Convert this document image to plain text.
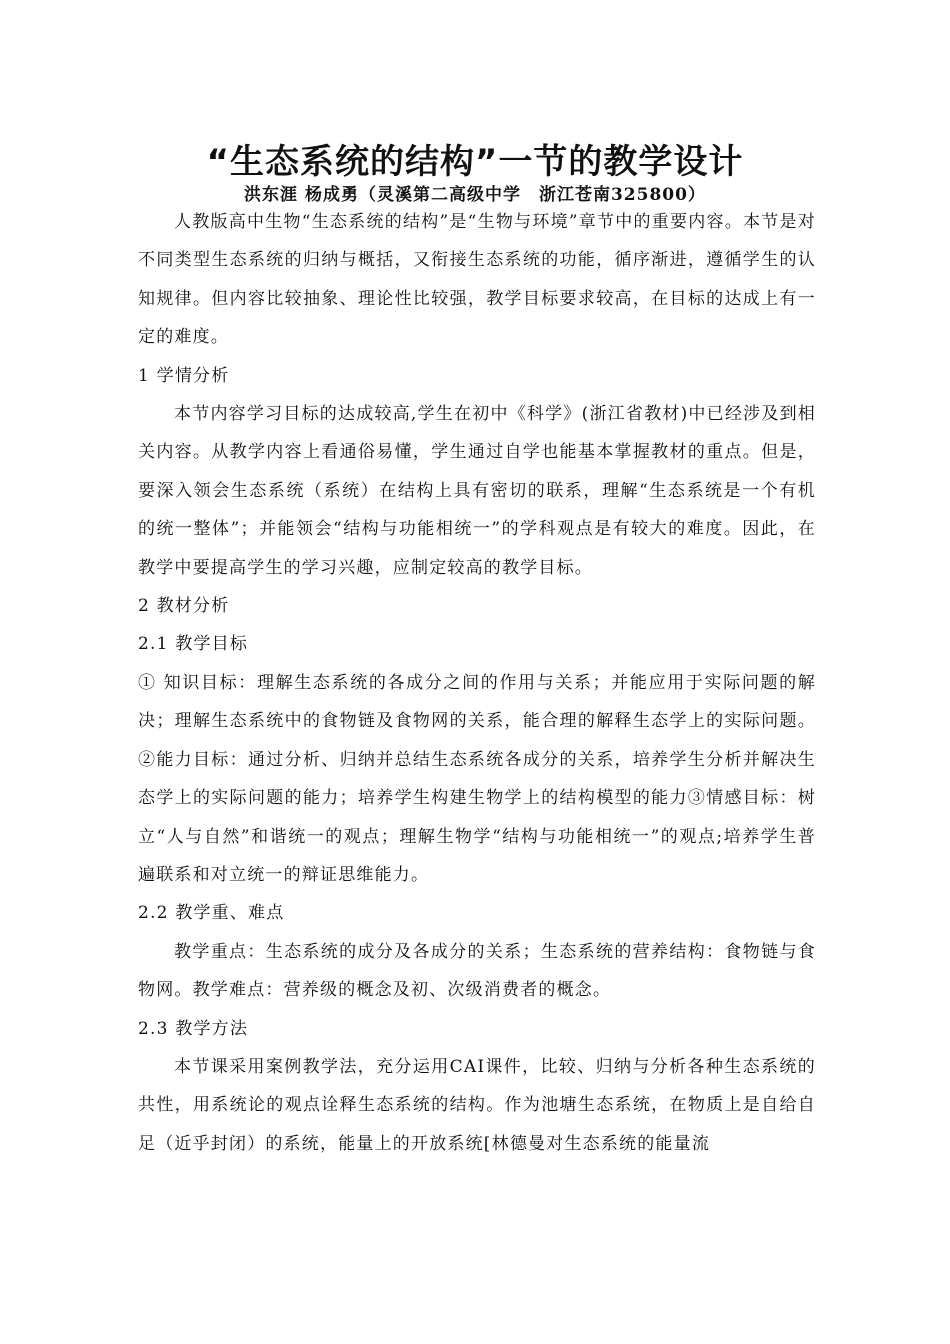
“生态系统的结构”一节的教学设计
洪东涯 杨成勇（灵溪第二高级中学　浙江苍南325800）

人教版高中生物“生态系统的结构”是“生物与环境”章节中的重要内容。本节是对不同类型生态系统的归纳与概括，又衔接生态系统的功能，循序渐进，遵循学生的认知规律。但内容比较抽象、理论性比较强，教学目标要求较高，在目标的达成上有一定的难度。

1 学情分析

本节内容学习目标的达成较高,学生在初中《科学》(浙江省教材)中已经涉及到相关内容。从教学内容上看通俗易懂，学生通过自学也能基本掌握教材的重点。但是，要深入领会生态系统（系统）在结构上具有密切的联系，理解“生态系统是一个有机的统一整体”；并能领会“结构与功能相统一”的学科观点是有较大的难度。因此，在教学中要提高学生的学习兴趣，应制定较高的教学目标。

2 教材分析

2.1 教学目标

① 知识目标：理解生态系统的各成分之间的作用与关系；并能应用于实际问题的解决；理解生态系统中的食物链及食物网的关系，能合理的解释生态学上的实际问题。②能力目标：通过分析、归纳并总结生态系统各成分的关系，培养学生分析并解决生态学上的实际问题的能力；培养学生构建生物学上的结构模型的能力③情感目标：树立“人与自然”和谐统一的观点；理解生物学“结构与功能相统一”的观点;培养学生普遍联系和对立统一的辩证思维能力。

2.2 教学重、难点

教学重点：生态系统的成分及各成分的关系；生态系统的营养结构：食物链与食物网。教学难点：营养级的概念及初、次级消费者的概念。

2.3 教学方法

本节课采用案例教学法，充分运用CAI课件，比较、归纳与分析各种生态系统的共性，用系统论的观点诠释生态系统的结构。作为池塘生态系统，在物质上是自给自足（近乎封闭）的系统，能量上的开放系统[林德曼对生态系统的能量流
